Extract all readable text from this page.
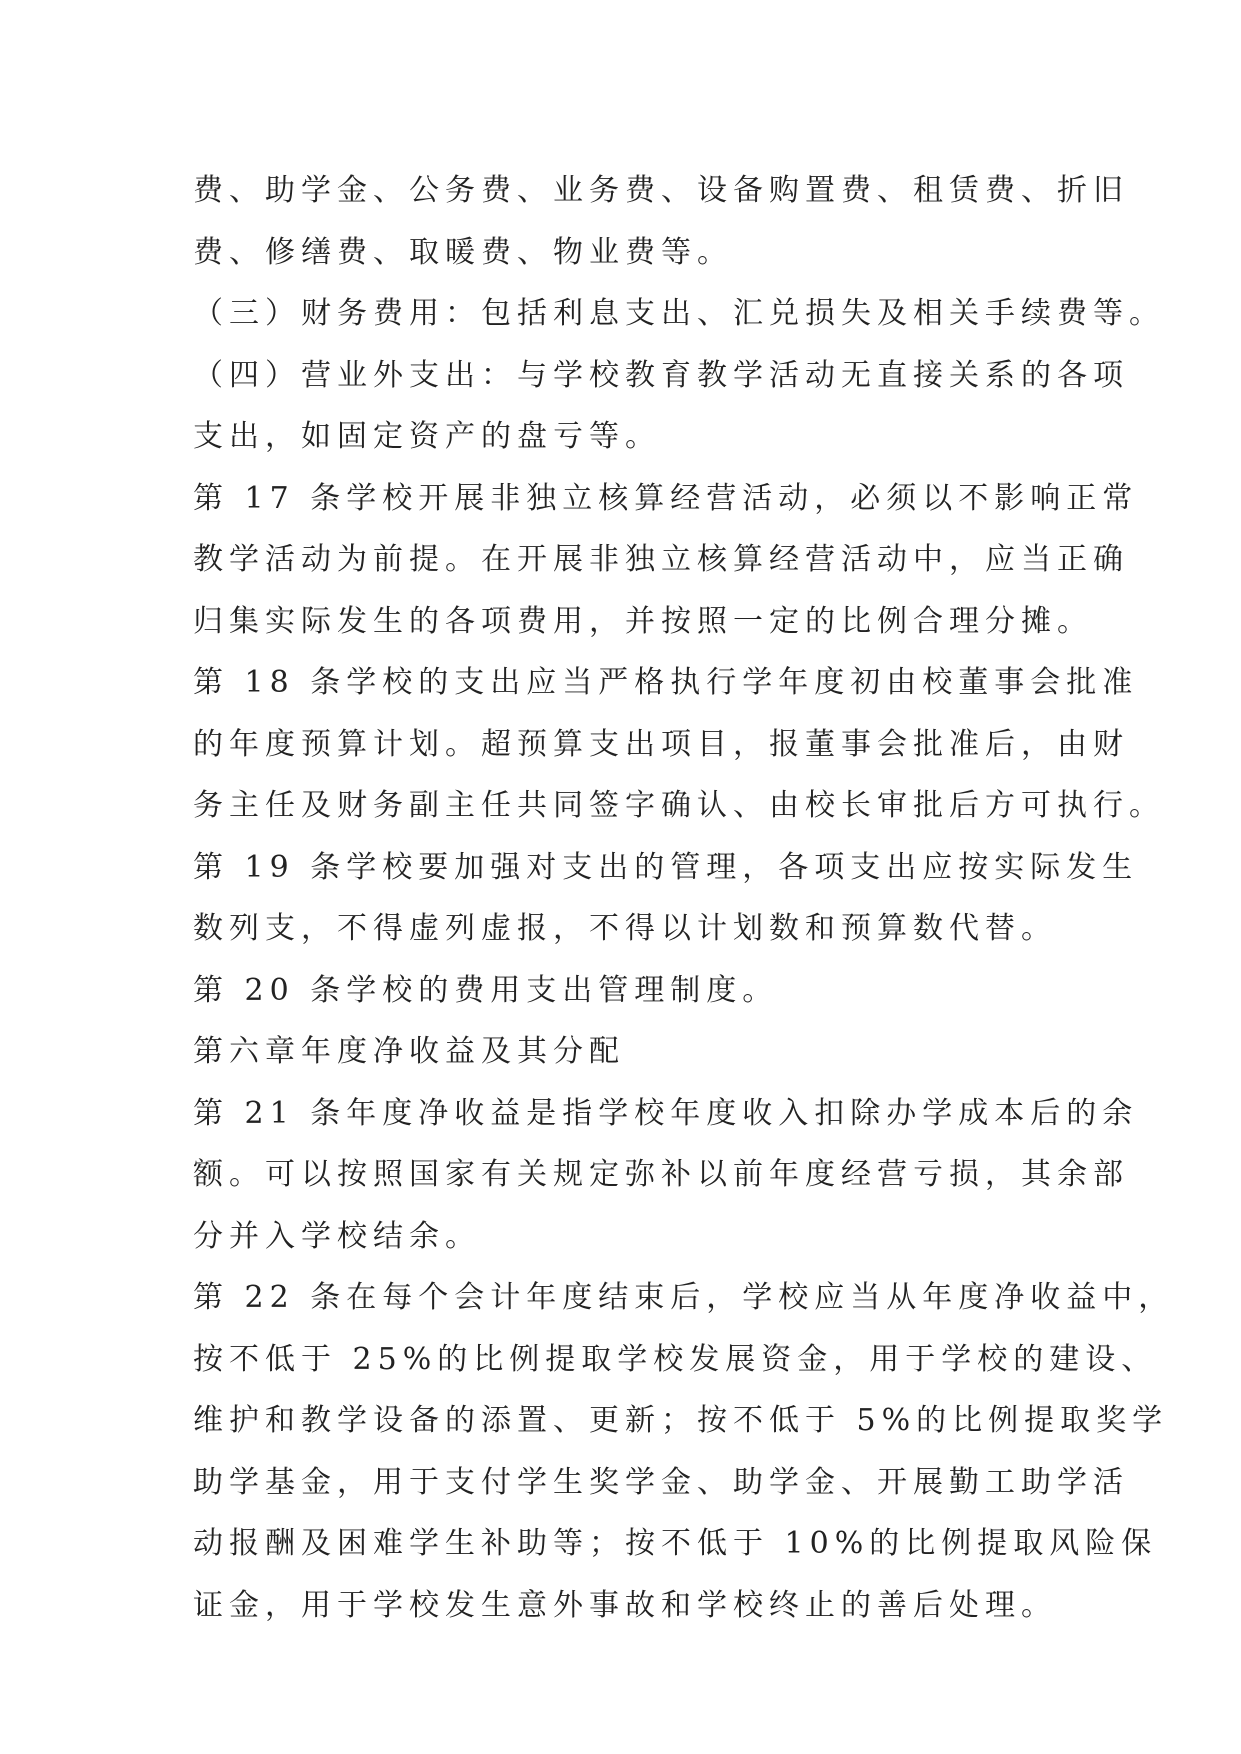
费、助学金、公务费、业务费、设备购置费、租赁费、折旧
费、修缮费、取暖费、物业费等。
（三）财务费用：包括利息支出、汇兑损失及相关手续费等。
（四）营业外支出：与学校教育教学活动无直接关系的各项
支出，如固定资产的盘亏等。
第 17 条学校开展非独立核算经营活动，必须以不影响正常
教学活动为前提。在开展非独立核算经营活动中，应当正确
归集实际发生的各项费用，并按照一定的比例合理分摊。
第 18 条学校的支出应当严格执行学年度初由校董事会批准
的年度预算计划。超预算支出项目，报董事会批准后，由财
务主任及财务副主任共同签字确认、由校长审批后方可执行。
第 19 条学校要加强对支出的管理，各项支出应按实际发生
数列支，不得虚列虚报，不得以计划数和预算数代替。
第 20 条学校的费用支出管理制度。
第六章年度净收益及其分配
第 21 条年度净收益是指学校年度收入扣除办学成本后的余
额。可以按照国家有关规定弥补以前年度经营亏损，其余部
分并入学校结余。
第 22 条在每个会计年度结束后，学校应当从年度净收益中，
按不低于 25%的比例提取学校发展资金，用于学校的建设、
维护和教学设备的添置、更新；按不低于 5%的比例提取奖学
助学基金，用于支付学生奖学金、助学金、开展勤工助学活
动报酬及困难学生补助等；按不低于 10%的比例提取风险保
证金，用于学校发生意外事故和学校终止的善后处理。
